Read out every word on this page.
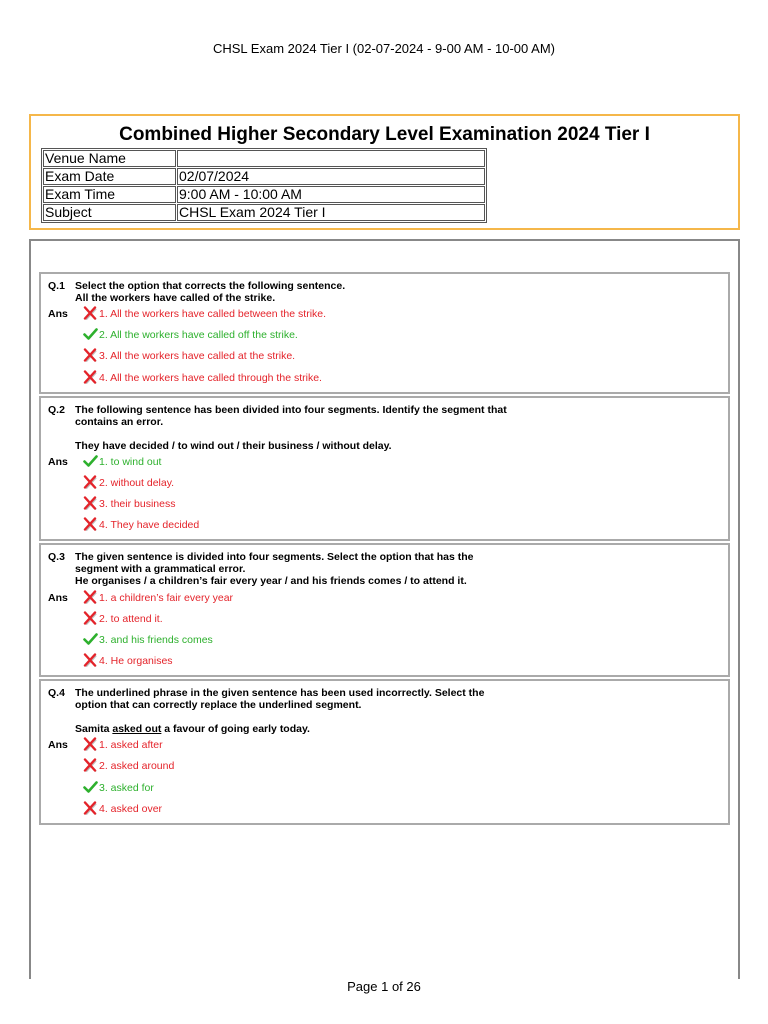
CHSL Exam 2024 Tier I (02-07-2024 - 9-00 AM - 10-00 AM)
Combined Higher Secondary Level Examination 2024 Tier I
Venue Name	
Exam Date	02/07/2024
Exam Time	9:00 AM - 10:00 AM
Subject	CHSL Exam 2024 Tier I
Q.1 Select the option that corrects the following sentence.

All the workers have called of the strike.

Ans	1. All the workers have called between the strike.
2. All the workers have called off the strike.
3. All the workers have called at the strike.
4. All the workers have called through the strike.
Q.2 The following sentence has been divided into four segments. Identify the segment that

contains an error.

They have decided / to wind out / their business / without delay.

Ans	1. to wind out
2. without delay.
3. their business
4. They have decided
Q.3 The given sentence is divided into four segments. Select the option that has the

segment with a grammatical error.

He organises / a children’s fair every year / and his friends comes / to attend it.

Ans	1. a children’s fair every year
2. to attend it.
3. and his friends comes
4. He organises
Q.4 The underlined phrase in the given sentence has been used incorrectly. Select the

option that can correctly replace the underlined segment.

Samita asked out a favour of going early today.

Ans	1. asked after
2. asked around
3. asked for
4. asked over
Page 1 of 26
